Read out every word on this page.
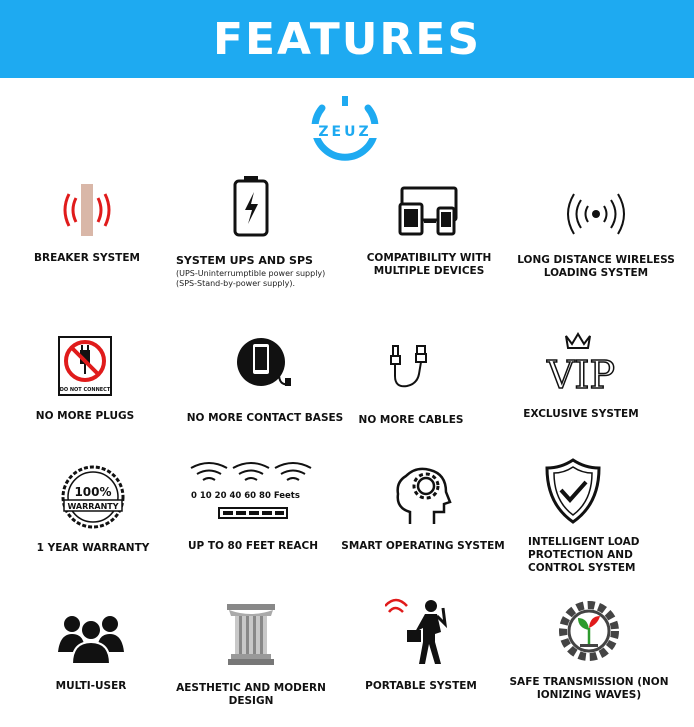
FEATURES
ZEUZ
BREAKER SYSTEM	SYSTEM UPS AND SPS
(UPS-Uninterrumptible power supply) (SPS-Stand-by-power supply).
COMPATIBILITY WITH MULTIPLE DEVICES
LONG DISTANCE WIRELESS LOADING SYSTEM
DO NOT CONNECT
NO MORE PLUGS	NO MORE CONTACT BASES	NO MORE CABLES
VIP
EXCLUSIVE SYSTEM
100%
WARRANTY
1 YEAR WARRANTY
0 10 20 40 60 80 Feets
UP TO 80 FEET REACH	SMART OPERATING SYSTEM	INTELLIGENT LOAD PROTECTION AND CONTROL SYSTEM
MULTI-USER	AESTHETIC AND MODERN DESIGN
PORTABLE SYSTEM	SAFE TRANSMISSION (NON IONIZING WAVES)
